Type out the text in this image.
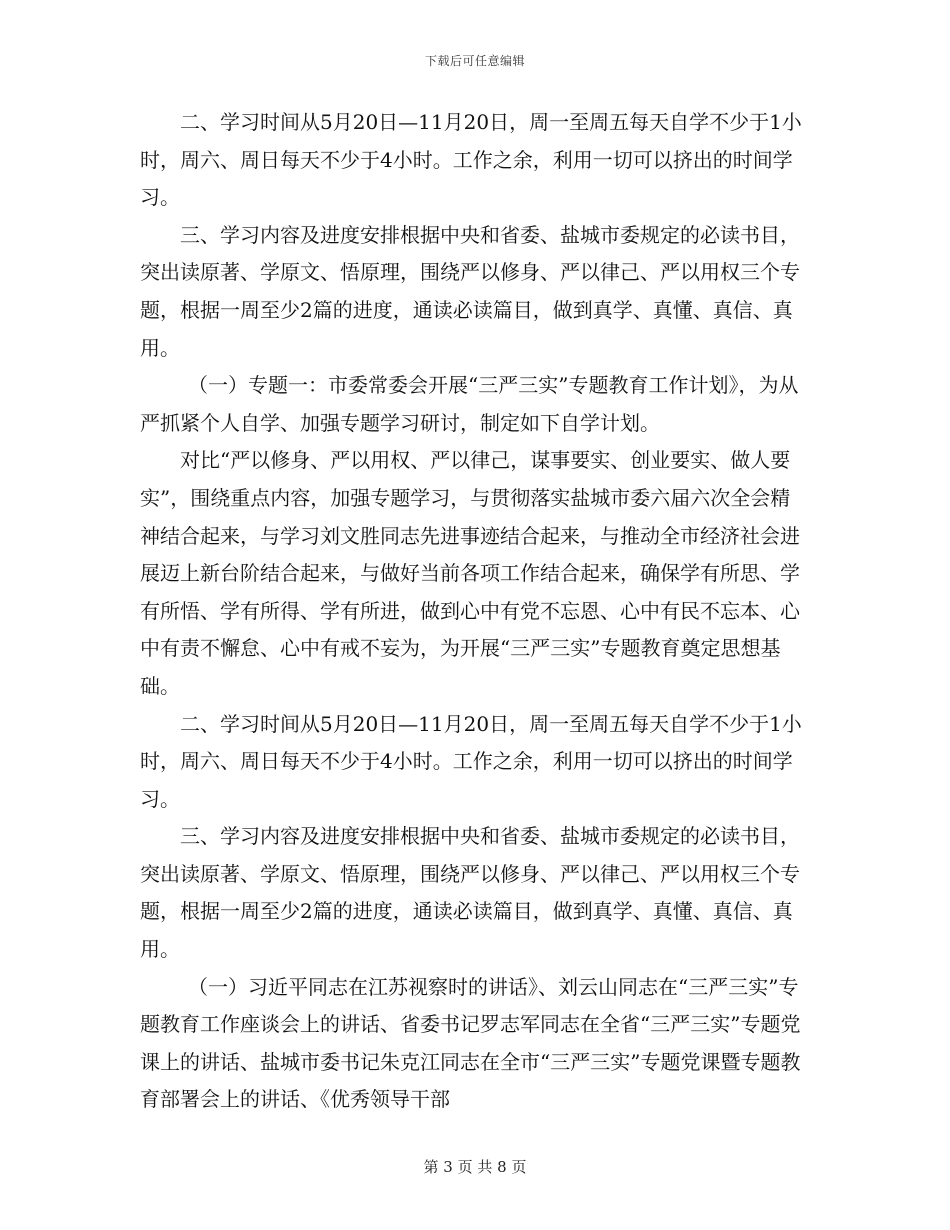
下载后可任意编辑

二、学习时间从5月20日—11月20日，周一至周五每天自学不少于1小时，周六、周日每天不少于4小时。工作之余，利用一切可以挤出的时间学习。

三、学习内容及进度安排根据中央和省委、盐城市委规定的必读书目，突出读原著、学原文、悟原理，围绕严以修身、严以律己、严以用权三个专题，根据一周至少2篇的进度，通读必读篇目，做到真学、真懂、真信、真用。

（一）专题一：市委常委会开展“三严三实”专题教育工作计划》，为从严抓紧个人自学、加强专题学习研讨，制定如下自学计划。

对比“严以修身、严以用权、严以律己，谋事要实、创业要实、做人要实”，围绕重点内容，加强专题学习，与贯彻落实盐城市委六届六次全会精神结合起来，与学习刘文胜同志先进事迹结合起来，与推动全市经济社会进展迈上新台阶结合起来，与做好当前各项工作结合起来，确保学有所思、学有所悟、学有所得、学有所进，做到心中有党不忘恩、心中有民不忘本、心中有责不懈怠、心中有戒不妄为，为开展“三严三实”专题教育奠定思想基础。

二、学习时间从5月20日—11月20日，周一至周五每天自学不少于1小时，周六、周日每天不少于4小时。工作之余，利用一切可以挤出的时间学习。

三、学习内容及进度安排根据中央和省委、盐城市委规定的必读书目，突出读原著、学原文、悟原理，围绕严以修身、严以律己、严以用权三个专题，根据一周至少2篇的进度，通读必读篇目，做到真学、真懂、真信、真用。

（一）习近平同志在江苏视察时的讲话》、刘云山同志在“三严三实”专题教育工作座谈会上的讲话、省委书记罗志军同志在全省“三严三实”专题党课上的讲话、盐城市委书记朱克江同志在全市“三严三实”专题党课暨专题教育部署会上的讲话、《优秀领导干部

第 3 页 共 8 页
